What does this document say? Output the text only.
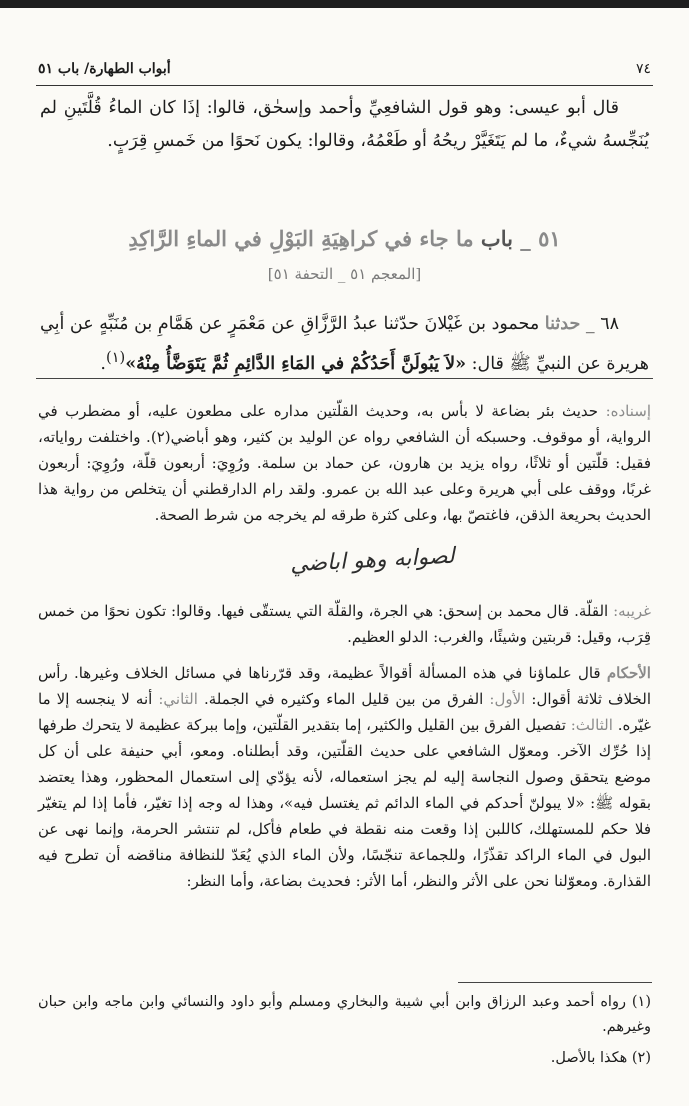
أبواب الطهارة/ باب ٥١	٧٤

قال أبو عيسى: وهو قول الشافعِيِّ وأحمد وإسحٰق، قالوا: إذَا كان الماءُ قُلَّتَينِ لم يُنَجِّسهُ شيءٌ، ما لم يَتَغَيَّرْ ريحُهُ أو طَعْمُهُ، وقالوا: يكون نَحوًا من خَمسِ قِرَبٍ.

٥١ _ باب ما جاء في كراهِيَةِ البَوْلِ في الماءِ الرَّاكِدِ
[المعجم ٥١ _ التحفة ٥١]

٦٨ _ حدثنا محمود بن غَيْلانَ حدّثنا عبدُ الرَّزَّاقِ عن مَعْمَرٍ عن هَمَّامِ بن مُنَبِّهٍ عن أبِي هريرة عن النبيِّ ﷺ قال: «لاَ يَبُولَنَّ أَحَدُكُمْ في المَاءِ الدَّائِمِ ثُمَّ يَتَوَضَّأُ مِنْهُ»$^{(١)}$.

إسناده: حديث بئر بضاعة لا بأس به، وحديث القلّتين مداره على مطعون عليه، أو مضطرب في الرواية، أو موقوف. وحسبكه أن الشافعي رواه عن الوليد بن كثير، وهو أباضي(٢). واختلفت رواياته، فقيل: قلّتين أو ثلاثًا، رواه يزيد بن هارون، عن حماد بن سلمة. ورُوِيَ: أربعون قلّة، ورُوِيَ: أربعون غربًا، ووقف على أبي هريرة وعلى عبد الله بن عمرو. ولقد رام الدارقطني أن يتخلص من رواية هذا الحديث بحريعة الذقن، فاغتصّ بها، وعلى كثرة طرقه لم يخرجه من شرط الصحة.

لصوابه وهو اباضي

غريبه: القلّة. قال محمد بن إسحق: هي الجرة، والقلّة التي يستقّى فيها. وقالوا: تكون نحوًا من خمس قِرَب، وقيل: قربتين وشيئًا، والغرب: الدلو العظيم.

الأحكام قال علماؤنا في هذه المسألة أقوالاً عظيمة، وقد قرّرناها في مسائل الخلاف وغيرها. رأس الخلاف ثلاثة أقوال: الأول: الفرق من بين قليل الماء وكثيره في الجملة. الثاني: أنه لا ينجسه إلا ما غيّره. الثالث: تفصيل الفرق بين القليل والكثير، إما بتقدير القلّتين، وإما ببركة عظيمة لا يتحرك طرفها إذا حُرِّك الآخر. ومعوّل الشافعي على حديث القلّتين، وقد أبطلناه. ومعو، أبي حنيفة على أن كل موضع يتحقق وصول النجاسة إليه لم يجز استعماله، لأنه يؤدّي إلى استعمال المحظور، وهذا يعتضد بقوله ﷺ: «لا يبولنّ أحدكم في الماء الدائم ثم يغتسل فيه»، وهذا له وجه إذا تغيّر، فأما إذا لم يتغيّر فلا حكم للمستهلك، كاللبن إذا وقعت منه نقطة في طعام فأكل، لم تنتشر الحرمة، وإنما نهى عن البول في الماء الراكد تقذّرًا، وللجماعة تنجّسًا، ولأن الماء الذي يُعَدّ للنظافة مناقضه أن تطرح فيه القذارة. ومعوّلنا نحن على الأثر والنظر، أما الأثر: فحديث بضاعة، وأما النظر:

(١) رواه أحمد وعبد الرزاق وابن أبي شيبة والبخاري ومسلم وأبو داود والنسائي وابن ماجه وابن حبان وغيرهم.

(٢) هكذا بالأصل.
